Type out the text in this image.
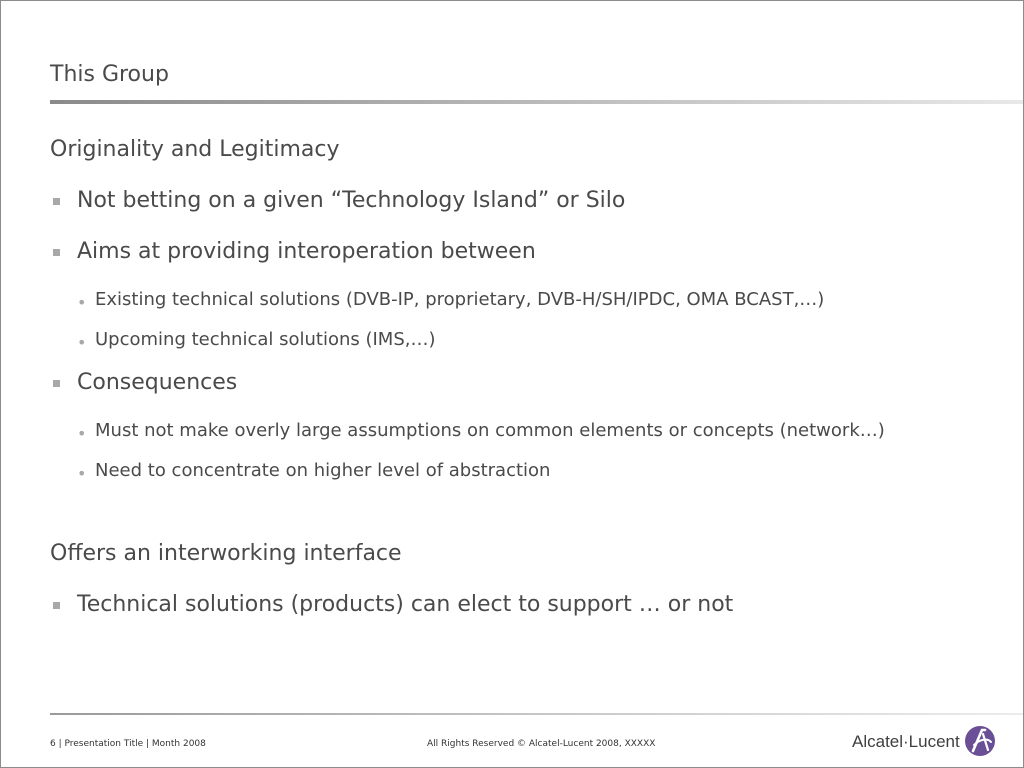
This Group
Originality and Legitimacy
Not betting on a given “Technology Island” or Silo
Aims at providing interoperation between
• Existing technical solutions (DVB-IP, proprietary, DVB-H/SH/IPDC, OMA BCAST,…)
• Upcoming technical solutions (IMS,…)
Consequences
• Must not make overly large assumptions on common elements or concepts (network…)
• Need to concentrate on higher level of abstraction
Offers an interworking interface
Technical solutions (products) can elect to support … or not
6 | Presentation Title | Month 2008	All Rights Reserved © Alcatel-Lucent 2008, XXXXX	Alcatel·Lucent
